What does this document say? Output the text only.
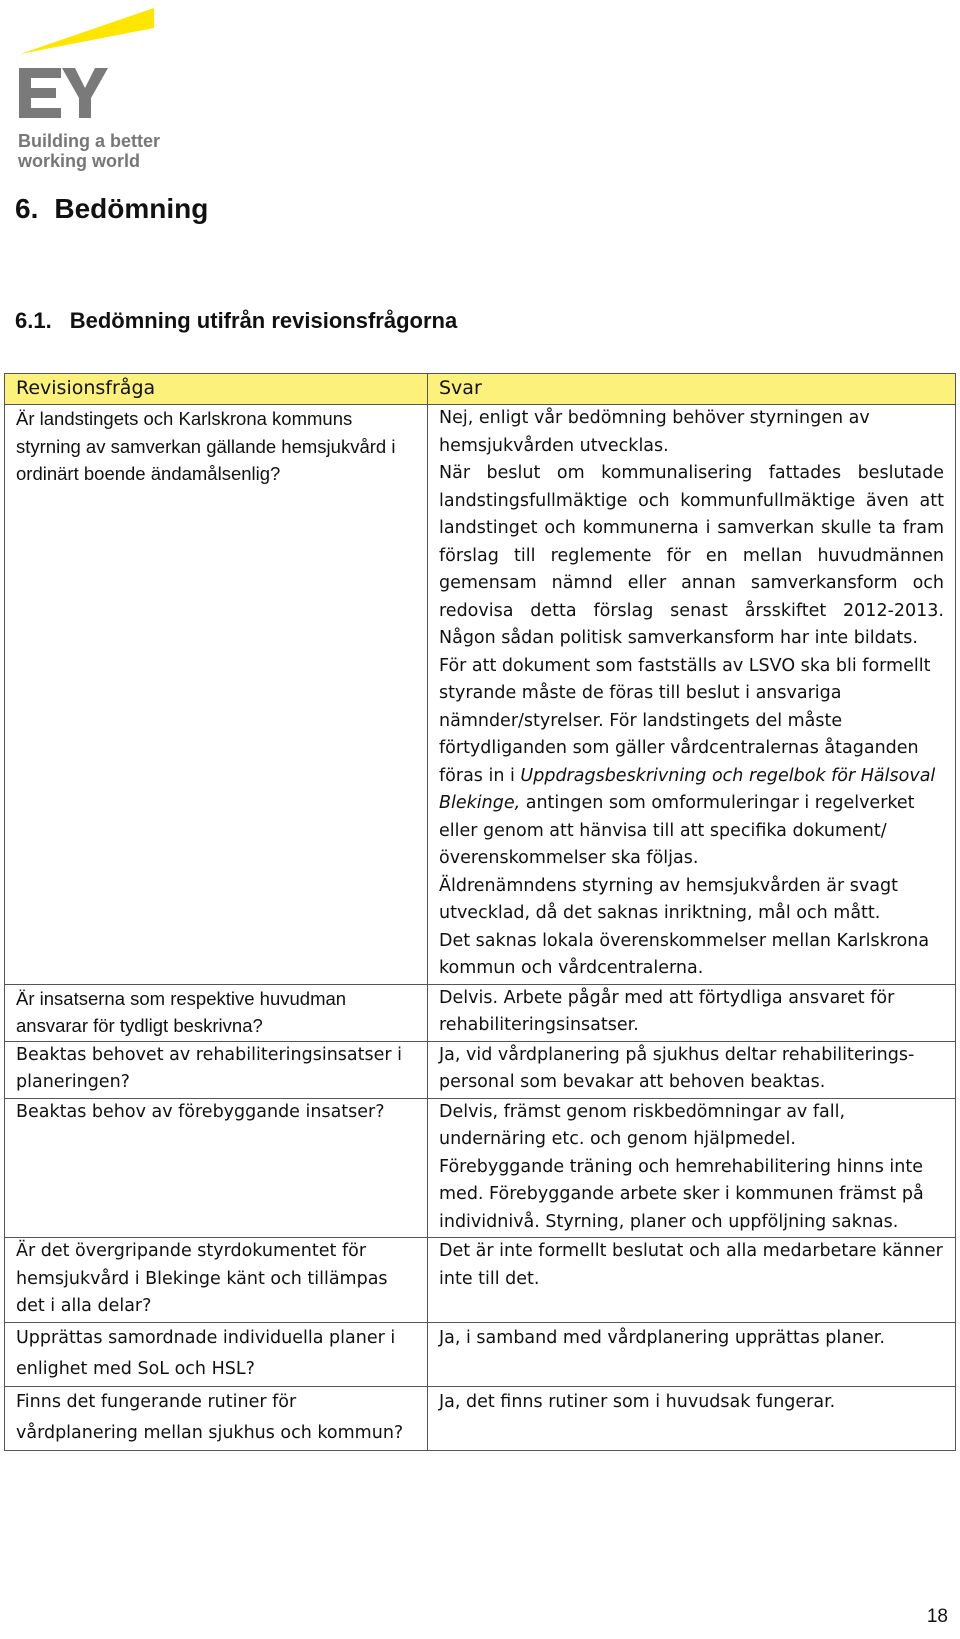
Building a better
working world
6. Bedömning
6.1. Bedömning utifrån revisionsfrågorna
Revisionsfråga	Svar
Är landstingets och Karlskrona kommuns styrning av samverkan gällande hemsjukvård i ordinärt boende ändamålsenlig?	Nej, enligt vår bedömning behöver styrningen av hemsjukvården utvecklas.
När beslut om kommunalisering fattades beslutade landstingsfullmäktige och kommunfullmäktige även att landstinget och kommunerna i samverkan skulle ta fram förslag till reglemente för en mellan huvudmännen gemensam nämnd eller annan samverkansform och redovisa detta förslag senast årsskiftet 2012-2013. Någon sådan politisk samverkansform har inte bildats.
För att dokument som fastställs av LSVO ska bli formellt styrande måste de föras till beslut i ansvariga nämnder/styrelser. För landstingets del måste förtydliganden som gäller vårdcentralernas åtaganden föras in i Uppdragsbeskrivning och regelbok för Hälsoval Blekinge, antingen som omformuleringar i regelverket eller genom att hänvisa till att specifika dokument/överenskommelser ska följas.
Äldrenämndens styrning av hemsjukvården är svagt utvecklad, då det saknas inriktning, mål och mått.
Det saknas lokala överenskommelser mellan Karlskrona kommun och vårdcentralerna.

Är insatserna som respektive huvudman ansvarar för tydligt beskrivna?	Delvis. Arbete pågår med att förtydliga ansvaret för rehabiliteringsinsatser.
Beaktas behovet av rehabiliteringsinsatser i planeringen?	Ja, vid vårdplanering på sjukhus deltar rehabiliterings-personal som bevakar att behoven beaktas.
Beaktas behov av förebyggande insatser?	Delvis, främst genom riskbedömningar av fall, undernäring etc. och genom hjälpmedel.
Förebyggande träning och hemrehabilitering hinns inte med. Förebyggande arbete sker i kommunen främst på individnivå. Styrning, planer och uppföljning saknas.

Är det övergripande styrdokumentet för hemsjukvård i Blekinge känt och tillämpas det i alla delar?	Det är inte formellt beslutat och alla medarbetare känner inte till det.
Upprättas samordnade individuella planer i enlighet med SoL och HSL?	Ja, i samband med vårdplanering upprättas planer.
Finns det fungerande rutiner för vårdplanering mellan sjukhus och kommun?	Ja, det finns rutiner som i huvudsak fungerar.
18
